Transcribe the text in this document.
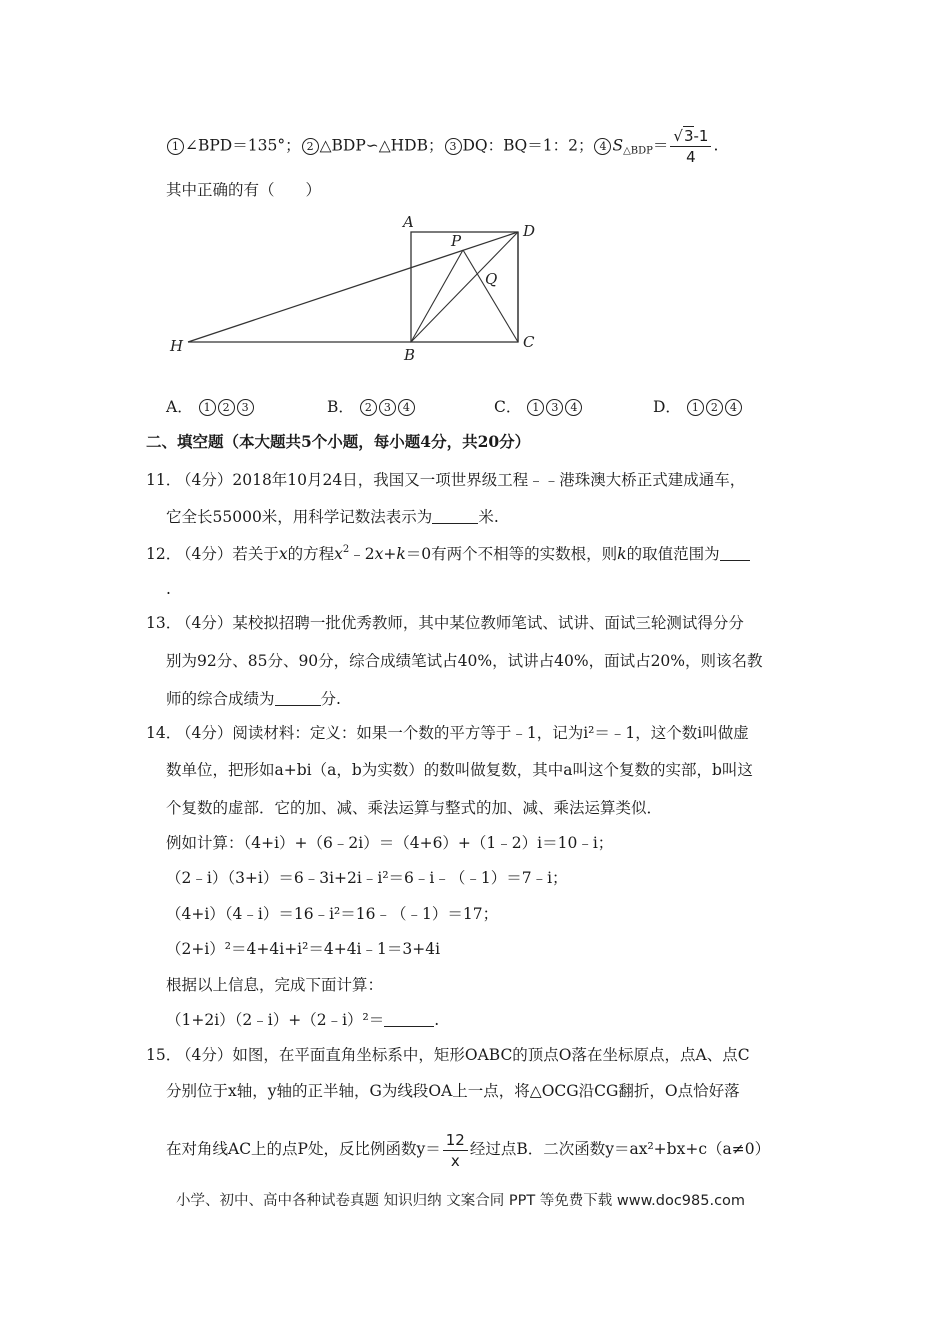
1 ∠BPD＝135°； 2 △BDP∽△HDB； 3 DQ：BQ＝1：2； 4 $S_{\triangle BDP}= \frac{√3-1}{4}$ .
其中正确的有（　　）
A	D
P
Q
H	B
C
A． 1 2 3	B． 2 3 4	C． 1 3 4	D． 1 2 4
二、填空题（本大题共5个小题，每小题4分，共20分）
11．（4分）2018年10月24日，我国又一项世界级工程﹣﹣港珠澳大桥正式建成通车，
它全长55000米，用科学记数法表示为	米.
12．（4分）若关于x的方程$x^2﹣2x+k=0$有两个不相等的实数根，则k的取值范围为
.
13．（4分）某校拟招聘一批优秀教师，其中某位教师笔试、试讲、面试三轮测试得分分
别为92分、85分、90分，综合成绩笔试占40%，试讲占40%，面试占20%，则该名教
师的综合成绩为	分.
14．（4分）阅读材料：定义：如果一个数的平方等于﹣1，记为i²＝﹣1，这个数i叫做虚
数单位，把形如a+bi（a，b为实数）的数叫做复数，其中a叫这个复数的实部，b叫这
个复数的虚部．它的加、减、乘法运算与整式的加、减、乘法运算类似．
例如计算：（4+i）+（6﹣2i）＝（4+6）+（1﹣2）i＝10﹣i；
（2﹣i）（3+i）＝6﹣3i+2i﹣i²＝6﹣i﹣（﹣1）＝7﹣i；
（4+i）（4﹣i）＝16﹣i²＝16﹣（﹣1）＝17；
（2+i）²＝4+4i+i²＝4+4i﹣1＝3+4i
根据以上信息，完成下面计算：
（1+2i）（2﹣i）+（2﹣i）²＝	.
15．（4分）如图，在平面直角坐标系中，矩形OABC的顶点O落在坐标原点，点A、点C
分别位于x轴，y轴的正半轴，G为线段OA上一点，将△OCG沿CG翻折，O点恰好落
在对角线AC上的点P处，反比例函数$y= \frac{12}{x}$ 经过点B．二次函数y＝ax²+bx+c（a≠0）
小学、初中、高中各种试卷真题 知识归纳 文案合同 PPT 等免费下载 www.doc985.com
